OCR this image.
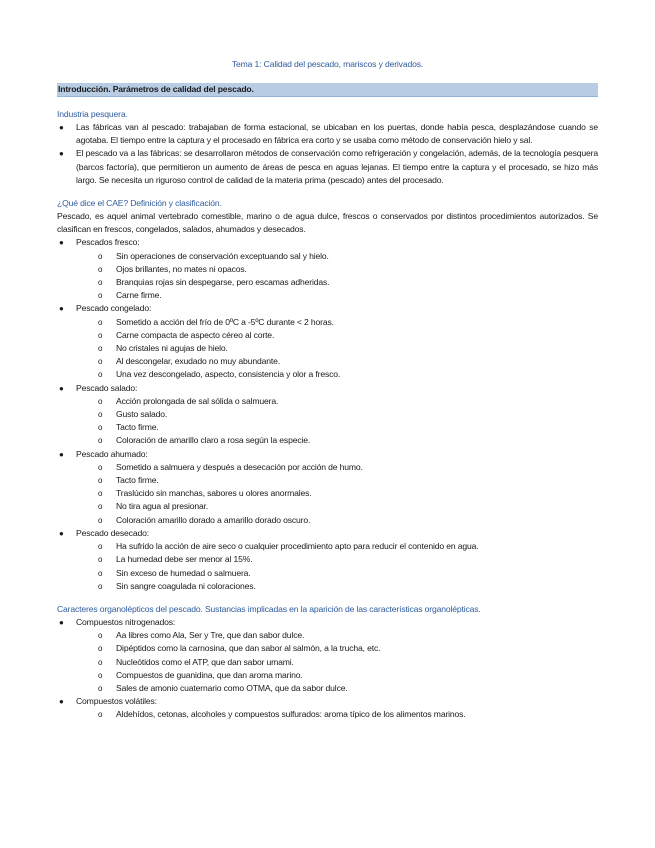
Tema 1: Calidad del pescado, mariscos y derivados.
Introducción. Parámetros de calidad del pescado.
Industria pesquera.
● Las fábricas van al pescado: trabajaban de forma estacional, se ubicaban en los puertas, donde había pesca, desplazándose cuando se agotaba. El tiempo entre la captura y el procesado en fábrica era corto y se usaba como método de conservación hielo y sal.
● El pescado va a las fábricas: se desarrollaron métodos de conservación como refrigeración y congelación, además, de la tecnología pesquera (barcos factoría), que permitieron un aumento de áreas de pesca en aguas lejanas. El tiempo entre la captura y el procesado, se hizo más largo. Se necesita un riguroso control de calidad de la materia prima (pescado) antes del procesado.
¿Qué dice el CAE? Definición y clasificación.

Pescado, es aquel animal vertebrado comestible, marino o de agua dulce, frescos o conservados por distintos procedimientos autorizados. Se clasifican en frescos, congelados, salados, ahumados y desecados.

● Pescados fresco:
o Sin operaciones de conservación exceptuando sal y hielo.
o Ojos brillantes, no mates ni opacos.
o Branquias rojas sin despegarse, pero escamas adheridas.
o Carne firme.
● Pescado congelado:
o Sometido a acción del frío de 0ºC a -5ºC durante < 2 horas.
o Carne compacta de aspecto céreo al corte.
o No cristales ni agujas de hielo.
o Al descongelar, exudado no muy abundante.
o Una vez descongelado, aspecto, consistencia y olor a fresco.
● Pescado salado:
o Acción prolongada de sal sólida o salmuera.
o Gusto salado.
o Tacto firme.
o Coloración de amarillo claro a rosa según la especie.
● Pescado ahumado:
o Sometido a salmuera y después a desecación por acción de humo.
o Tacto firme.
o Traslúcido sin manchas, sabores u olores anormales.
o No tira agua al presionar.
o Coloración amarillo dorado a amarillo dorado oscuro.
● Pescado desecado:
o Ha sufrido la acción de aire seco o cualquier procedimiento apto para reducir el contenido en agua.
o La humedad debe ser menor al 15%.
o Sin exceso de humedad o salmuera.
o Sin sangre coagulada ni coloraciones.
Caracteres organolépticos del pescado. Sustancias implicadas en la aparición de las características organolépticas.
● Compuestos nitrogenados:
o Aa libres como Ala, Ser y Tre, que dan sabor dulce.
o Dipéptidos como la carnosina, que dan sabor al salmón, a la trucha, etc.
o Nucleótidos como el ATP, que dan sabor umami.
o Compuestos de guanidina, que dan aroma marino.
o Sales de amonio cuaternario como OTMA, que da sabor dulce.
● Compuestos volátiles:
o Aldehídos, cetonas, alcoholes y compuestos sulfurados: aroma típico de los alimentos marinos.
